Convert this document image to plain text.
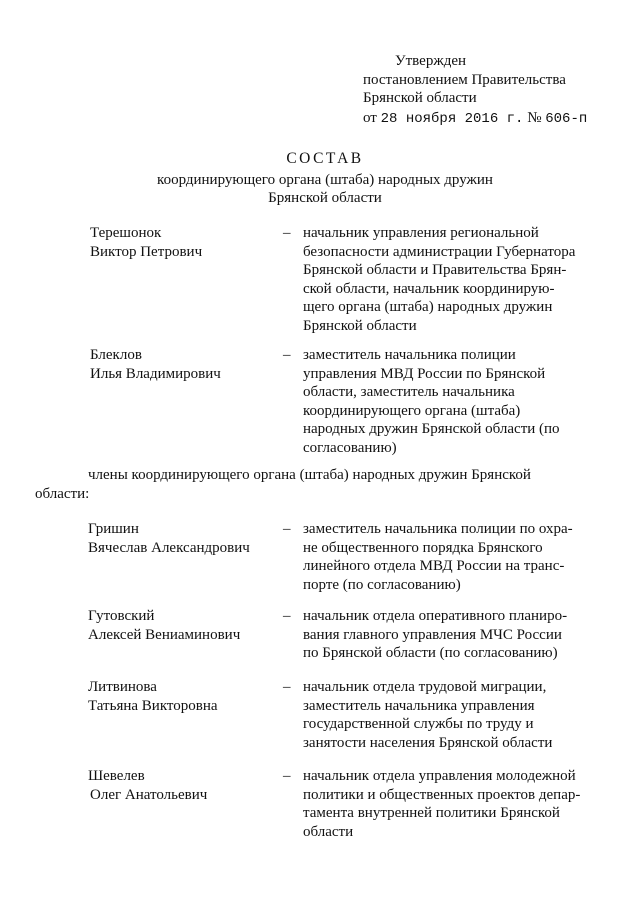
Утвержден
постановлением Правительства
Брянской области
от 28 ноября 2016 г. № 606-п
СОСТАВ
координирующего органа (штаба) народных дружин
Брянской области
Терешонок
Виктор Петрович
– начальник управления региональной
безопасности администрации Губернатора
Брянской области и Правительства Брян-
ской области, начальник координирую-
щего органа (штаба) народных дружин
Брянской области
Блеклов
Илья Владимирович
– заместитель начальника полиции
управления МВД России по Брянской
области, заместитель начальника
координирующего органа (штаба)
народных дружин Брянской области (по
согласованию)
члены координирующего органа (штаба) народных дружин Брянской
области:
Гришин
Вячеслав Александрович
– заместитель начальника полиции по охра-
не общественного порядка Брянского
линейного отдела МВД России на транс-
порте (по согласованию)
Гутовский
Алексей Вениаминович
– начальник отдела оперативного планиро-
вания главного управления МЧС России
по Брянской области (по согласованию)
Литвинова
Татьяна Викторовна
– начальник отдела трудовой миграции,
заместитель начальника управления
государственной службы по труду и
занятости населения Брянской области
Шевелев
Олег Анатольевич
– начальник отдела управления молодежной
политики и общественных проектов депар-
тамента внутренней политики Брянской
области
